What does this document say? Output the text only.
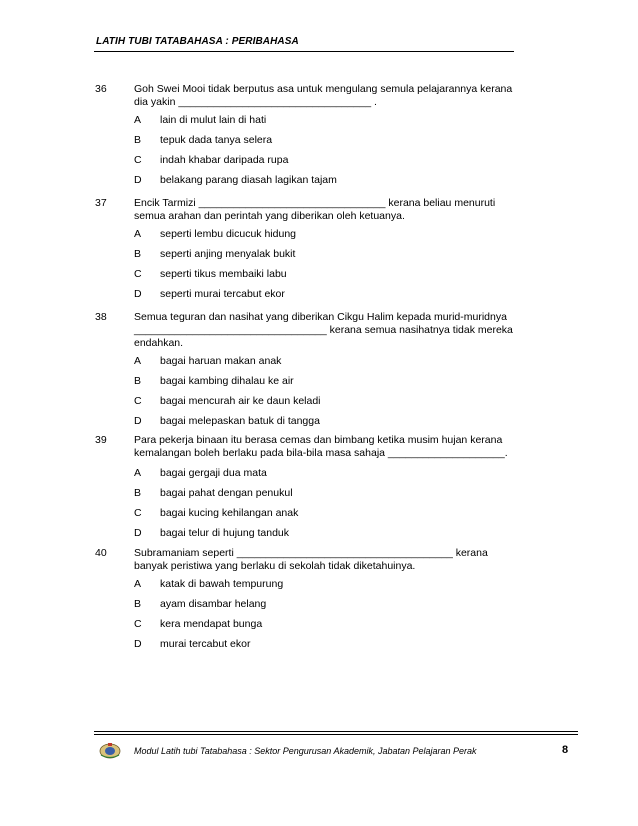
LATIH TUBI TATABAHASA : PERIBAHASA
36	Goh Swei Mooi tidak berputus asa untuk mengulang semula pelajarannya kerana dia yakin _________________________________ .
A lain di mulut lain di hati
B tepuk dada tanya selera
C indah khabar daripada rupa
D belakang parang diasah lagikan tajam
37	Encik Tarmizi ________________________________ kerana beliau menuruti semua arahan dan perintah yang diberikan oleh ketuanya.
A seperti lembu dicucuk hidung
B seperti anjing menyalak bukit
C seperti tikus membaiki labu
D seperti murai tercabut ekor
38	Semua teguran dan nasihat yang diberikan Cikgu Halim kepada murid-muridnya _________________________________ kerana semua nasihatnya tidak mereka endahkan.
A bagai haruan makan anak
B bagai kambing dihalau ke air
C bagai mencurah air ke daun keladi
D bagai melepaskan batuk di tangga
39	Para pekerja binaan itu berasa cemas dan bimbang ketika musim hujan kerana kemalangan boleh berlaku pada bila-bila masa sahaja ____________________.
A bagai gergaji dua mata
B bagai pahat dengan penukul
C bagai kucing kehilangan anak
D bagai telur di hujung tanduk
40	Subramaniam seperti _____________________________________ kerana banyak peristiwa yang berlaku di sekolah tidak diketahuinya.
A katak di bawah tempurung
B ayam disambar helang
C kera mendapat bunga
D murai tercabut ekor
Modul Latih tubi Tatabahasa : Sektor Pengurusan Akademik, Jabatan Pelajaran Perak	8
